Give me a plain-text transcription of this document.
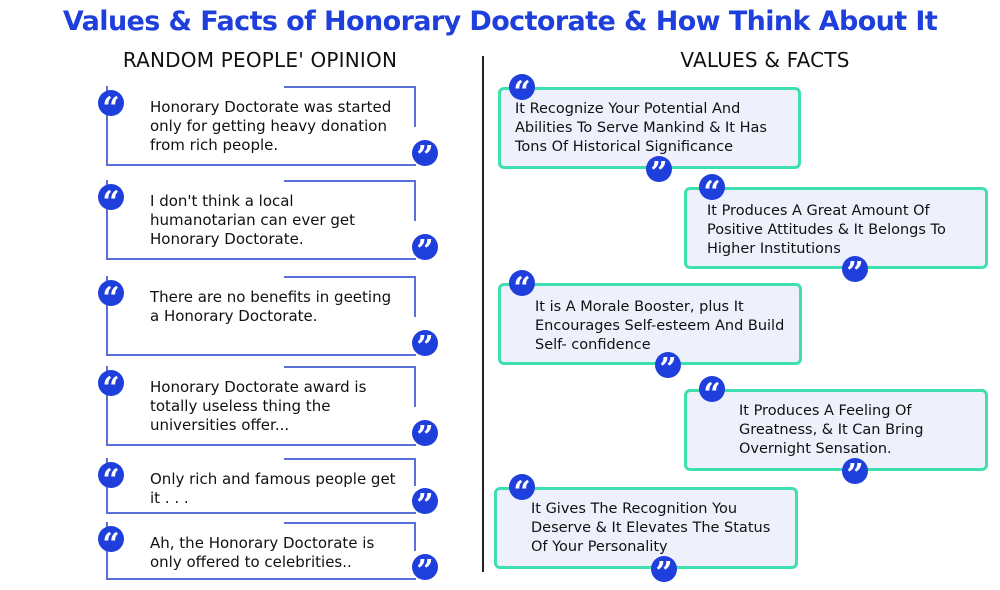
Values & Facts of Honorary Doctorate & How Think About It
RANDOM PEOPLE' OPINION	VALUES & FACTS
“ Honorary Doctorate was started only for getting heavy donation from rich people.	”
“ I don't think a local humanotarian can ever get Honorary Doctorate.	”
“ There are no benefits in geeting a Honorary Doctorate.
”
“ Honorary Doctorate award is totally useless thing the universities offer...	”
“ Only rich and famous people get it . . .	”
“ Ah, the Honorary Doctorate is only offered to celebrities..	”
“
It Recognize Your Potential And Abilities To Serve Mankind & It Has Tons Of Historical Significance
”
“
It Produces A Great Amount Of Positive Attitudes & It Belongs To Higher Institutions
”
“
It is A Morale Booster, plus It Encourages Self-esteem And Build Self- confidence
”
“	It Produces A Feeling Of Greatness, & It Can Bring Overnight Sensation.
”
“ It Gives The Recognition You Deserve & It Elevates The Status Of Your Personality
”
